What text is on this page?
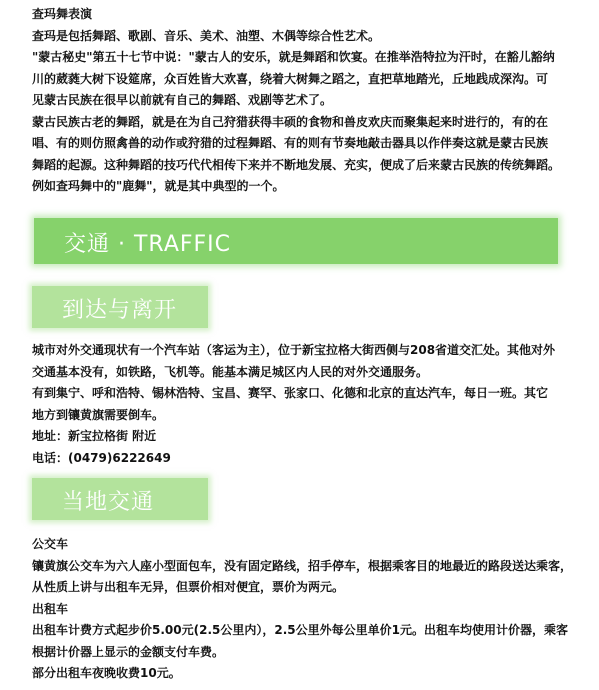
查玛舞表演
查玛是包括舞蹈、歌剧、音乐、美术、油塑、木偶等综合性艺术。
"蒙古秘史"第五十七节中说："蒙古人的安乐，就是舞蹈和饮宴。在推举浩特拉为汗时，在豁儿豁纳
川的葳蕤大树下设筵席，众百姓皆大欢喜，绕着大树舞之蹈之，直把草地踏光，丘地践成深沟。可
见蒙古民族在很早以前就有自己的舞蹈、戏剧等艺术了。
蒙古民族古老的舞蹈，就是在为自己狩猎获得丰硕的食物和兽皮欢庆而聚集起来时进行的，有的在
唱、有的则仿照禽兽的动作或狩猎的过程舞蹈、有的则有节奏地敲击器具以作伴奏这就是蒙古民族
舞蹈的起源。这种舞蹈的技巧代代相传下来并不断地发展、充实，便成了后来蒙古民族的传统舞蹈。
例如查玛舞中的"鹿舞"，就是其中典型的一个。
交通 · TRAFFIC
到达与离开
城市对外交通现状有一个汽车站（客运为主），位于新宝拉格大街西侧与208省道交汇处。其他对外
交通基本没有，如铁路，飞机等。能基本满足城区内人民的对外交通服务。
有到集宁、呼和浩特、锡林浩特、宝昌、赛罕、张家口、化德和北京的直达汽车，每日一班。其它
地方到镶黄旗需要倒车。
地址：新宝拉格街 附近
电话：(0479)6222649
当地交通
公交车
镶黄旗公交车为六人座小型面包车，没有固定路线，招手停车，根据乘客目的地最近的路段送达乘客，
从性质上讲与出租车无异，但票价相对便宜，票价为两元。
出租车
出租车计费方式起步价5.00元(2.5公里内），2.5公里外每公里单价1元。出租车均使用计价器，乘客
根据计价器上显示的金额支付车费。
部分出租车夜晚收费10元。
